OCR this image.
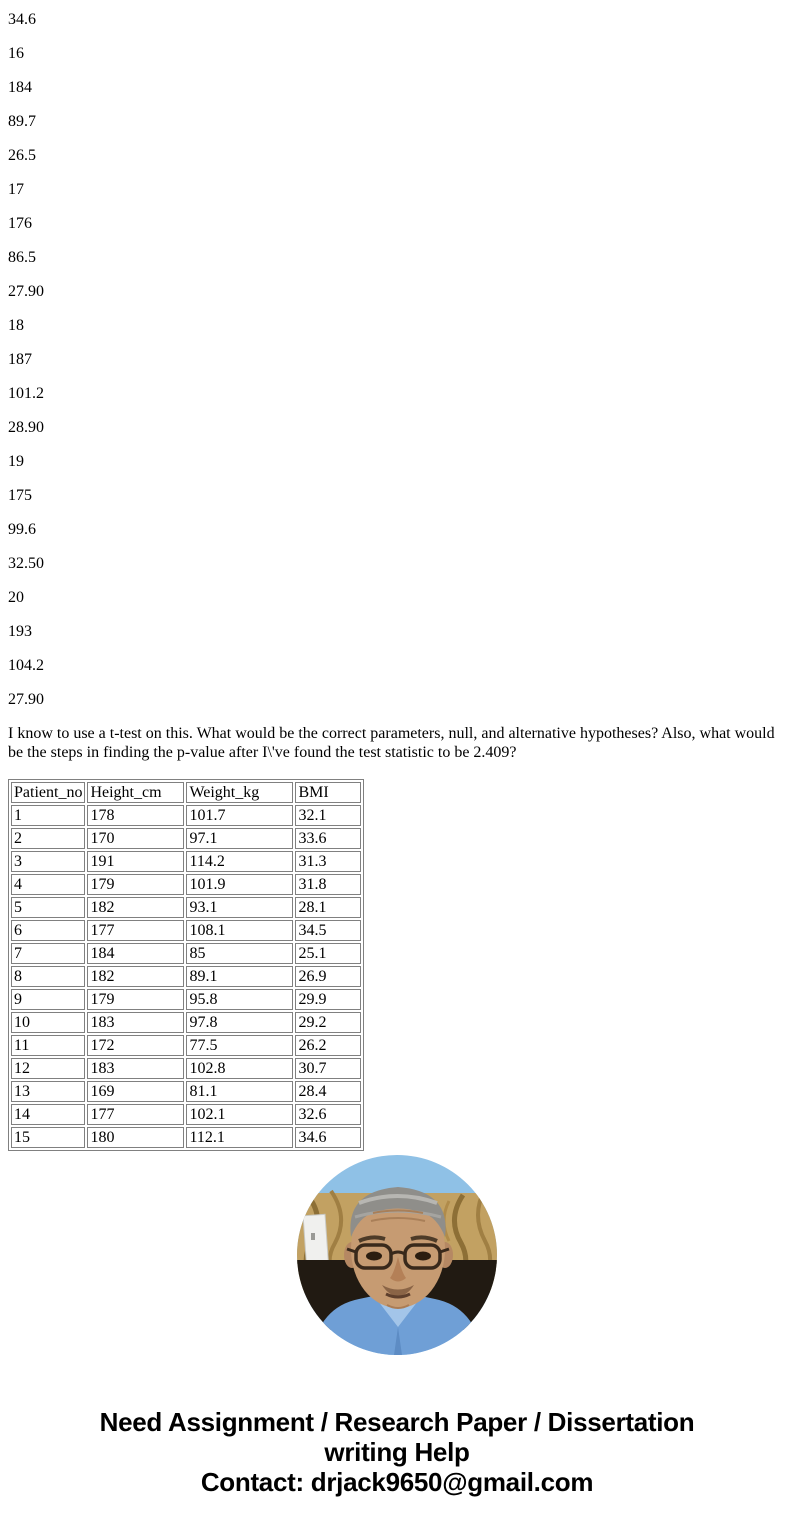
34.6

16

184

89.7

26.5

17

176

86.5

27.90

18

187

101.2

28.90

19

175

99.6

32.50

20

193

104.2

27.90

I know to use a t-test on this. What would be the correct parameters, null, and alternative hypotheses? Also, what would be the steps in finding the p-value after I\'ve found the test statistic to be 2.409?

Patient_no	Height_cm	Weight_kg	BMI
1	178	101.7	32.1
2	170	97.1	33.6
3	191	114.2	31.3
4	179	101.9	31.8
5	182	93.1	28.1
6	177	108.1	34.5
7	184	85	25.1
8	182	89.1	26.9
9	179	95.8	29.9
10	183	97.8	29.2
11	172	77.5	26.2
12	183	102.8	30.7
13	169	81.1	28.4
14	177	102.1	32.6
15	180	112.1	34.6
Need Assignment / Research Paper / Dissertation
writing Help
Contact: drjack9650@gmail.com
